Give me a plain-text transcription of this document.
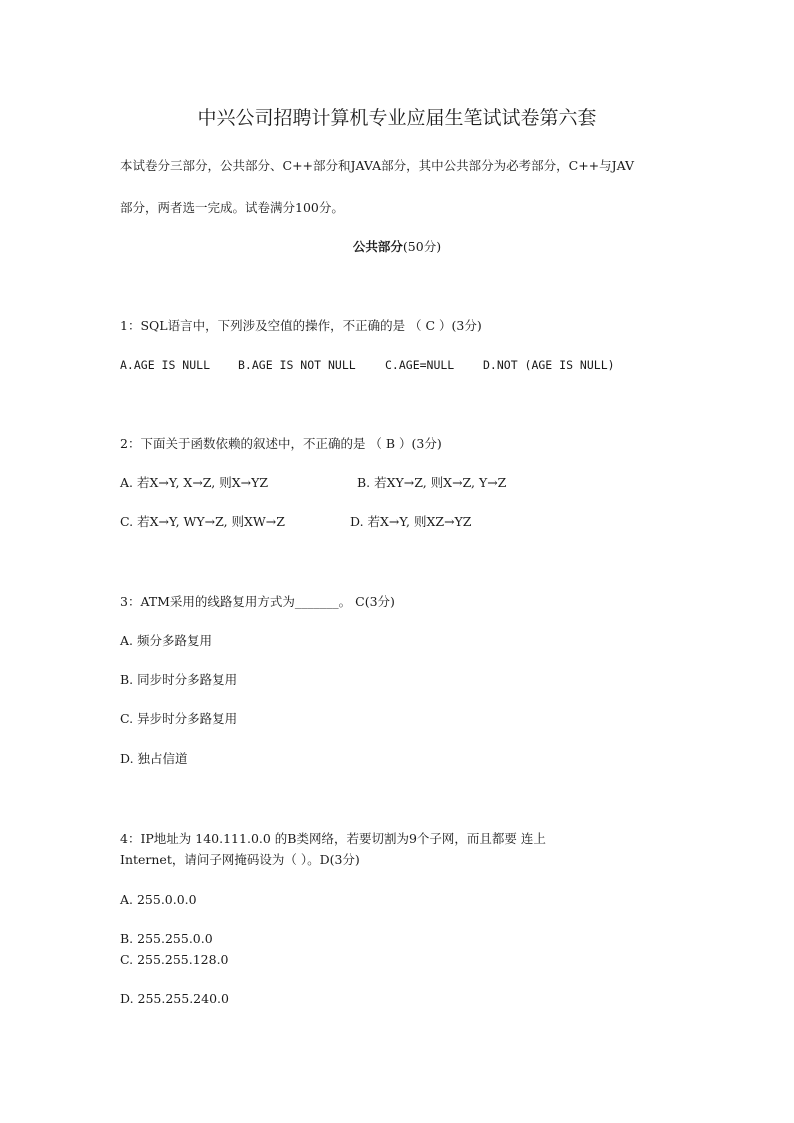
中兴公司招聘计算机专业应届生笔试试卷第六套
本试卷分三部分，公共部分、C++部分和JAVA部分，其中公共部分为必考部分，C++与JAV
部分，两者选一完成。试卷满分100分。
公共部分(50分)
1：SQL语言中，下列涉及空值的操作，不正确的是 （ C ）(3分)
A.AGE IS NULL B.AGE IS NOT NULL	C.AGE=NULL	D.NOT (AGE IS NULL)
2：下面关于函数依赖的叙述中，不正确的是 （ B ）(3分)
A. 若X→Y, X→Z, 则X→YZ	B. 若XY→Z, 则X→Z, Y→Z
C. 若X→Y, WY→Z, 则XW→Z	D. 若X→Y, 则XZ→YZ
3：ATM采用的线路复用方式为_______。 C(3分)
A. 频分多路复用
B. 同步时分多路复用
C. 异步时分多路复用
D. 独占信道
4：IP地址为 140.111.0.0 的B类网络，若要切割为9个子网，而且都要 连上
Internet，请问子网掩码设为（ ）。D(3分)
A. 255.0.0.0
B. 255.255.0.0
C. 255.255.128.0
D. 255.255.240.0
